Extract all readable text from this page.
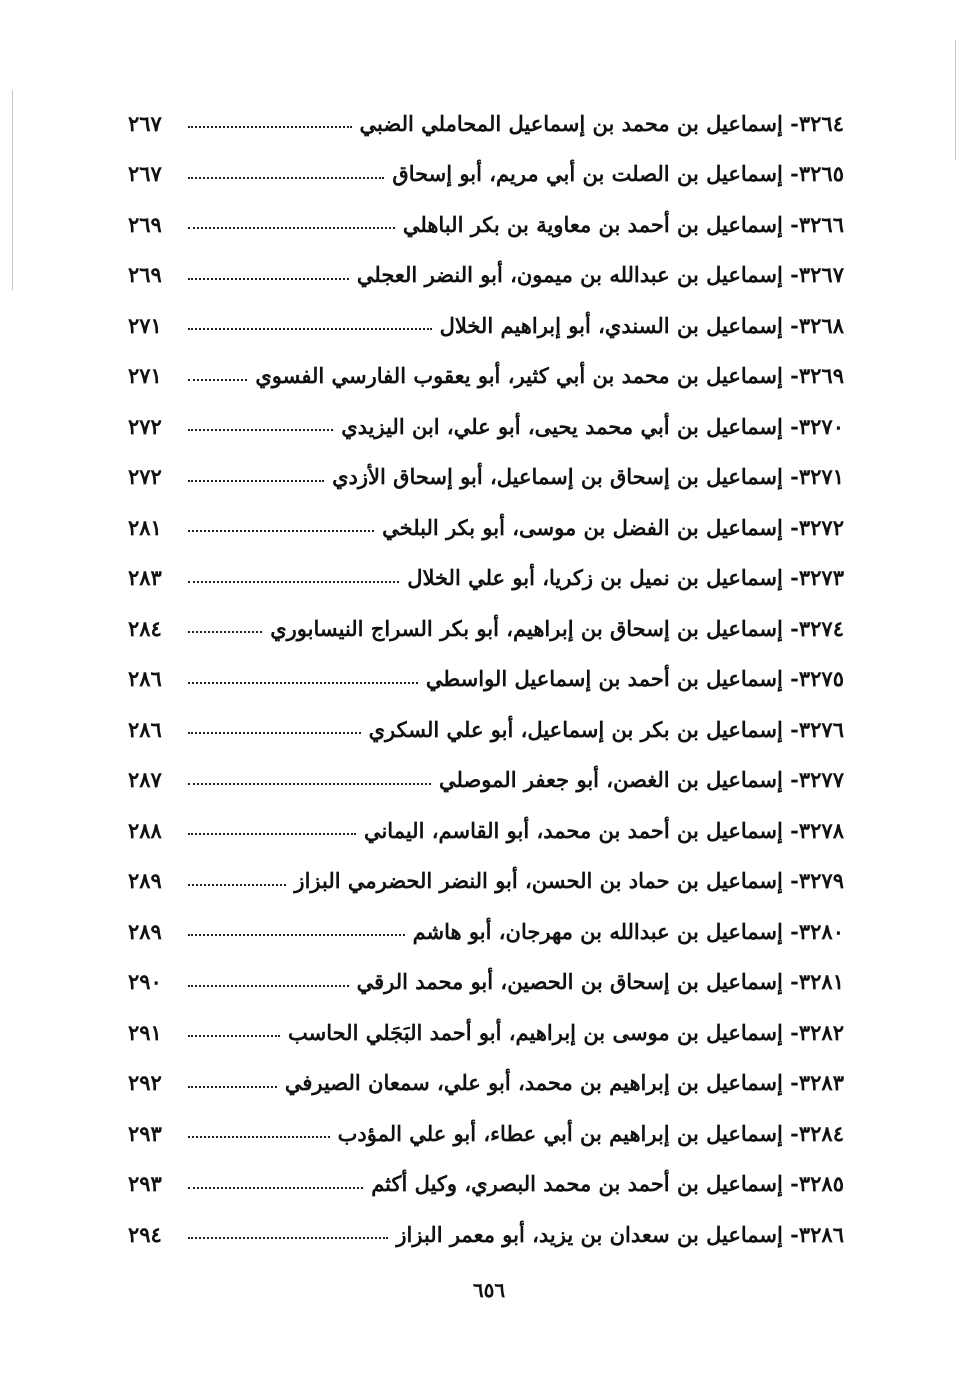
٣٢٦٤- إسماعيل بن محمد بن إسماعيل المحاملي الضبي
٢٦٧
٣٢٦٥- إسماعيل بن الصلت بن أبي مريم، أبو إسحاق
٢٦٧
٣٢٦٦- إسماعيل بن أحمد بن معاوية بن بكر الباهلي
٢٦٩
٣٢٦٧- إسماعيل بن عبدالله بن ميمون، أبو النضر العجلي
٢٦٩
٣٢٦٨- إسماعيل بن السندي، أبو إبراهيم الخلال
٢٧١
٣٢٦٩- إسماعيل بن محمد بن أبي كثير، أبو يعقوب الفارسي الفسوي
٢٧١
٣٢٧٠- إسماعيل بن أبي محمد يحيى، أبو علي، ابن اليزيدي
٢٧٢
٣٢٧١- إسماعيل بن إسحاق بن إسماعيل، أبو إسحاق الأزدي
٢٧٢
٣٢٧٢- إسماعيل بن الفضل بن موسى، أبو بكر البلخي
٢٨١
٣٢٧٣- إسماعيل بن نميل بن زكريا، أبو علي الخلال
٢٨٣
٣٢٧٤- إسماعيل بن إسحاق بن إبراهيم، أبو بكر السراج النيسابوري
٢٨٤
٣٢٧٥- إسماعيل بن أحمد بن إسماعيل الواسطي
٢٨٦
٣٢٧٦- إسماعيل بن بكر بن إسماعيل، أبو علي السكري
٢٨٦
٣٢٧٧- إسماعيل بن الغصن، أبو جعفر الموصلي
٢٨٧
٣٢٧٨- إسماعيل بن أحمد بن محمد، أبو القاسم، اليماني
٢٨٨
٣٢٧٩- إسماعيل بن حماد بن الحسن، أبو النضر الحضرمي البزاز
٢٨٩
٣٢٨٠- إسماعيل بن عبدالله بن مهرجان، أبو هاشم
٢٨٩
٣٢٨١- إسماعيل بن إسحاق بن الحصين، أبو محمد الرقي
٢٩٠
٣٢٨٢- إسماعيل بن موسى بن إبراهيم، أبو أحمد البَجَلي الحاسب
٢٩١
٣٢٨٣- إسماعيل بن إبراهيم بن محمد، أبو علي، سمعان الصيرفي
٢٩٢
٣٢٨٤- إسماعيل بن إبراهيم بن أبي عطاء، أبو علي المؤدب
٢٩٣
٣٢٨٥- إسماعيل بن أحمد بن محمد البصري، وكيل أكثم
٢٩٣
٣٢٨٦- إسماعيل بن سعدان بن يزيد، أبو معمر البزاز
٢٩٤
٦٥٦
